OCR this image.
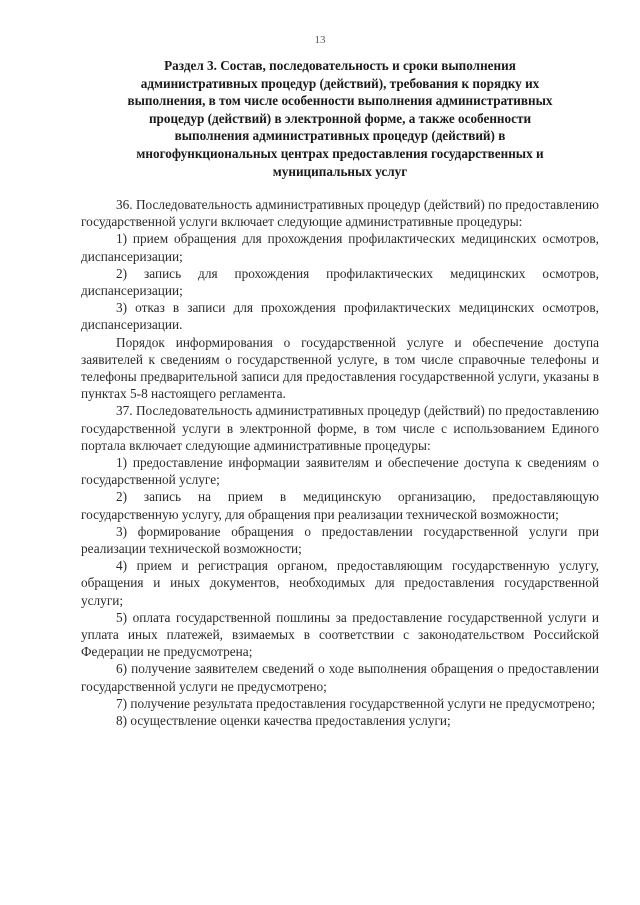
13
Раздел 3. Состав, последовательность и сроки выполнения
административных процедур (действий), требования к порядку их
выполнения, в том числе особенности выполнения административных
процедур (действий) в электронной форме, а также особенности
выполнения административных процедур (действий) в
многофункциональных центрах предоставления государственных и
муниципальных услуг

36. Последовательность административных процедур (действий) по предоставлению государственной услуги включает следующие административные процедуры:

1) прием обращения для прохождения профилактических медицинских осмотров, диспансеризации;

2) запись для прохождения профилактических медицинских осмотров, диспансеризации;

3) отказ в записи для прохождения профилактических медицинских осмотров, диспансеризации.

Порядок информирования о государственной услуге и обеспечение доступа заявителей к сведениям о государственной услуге, в том числе справочные телефоны и телефоны предварительной записи для предоставления государственной услуги, указаны в пунктах 5-8 настоящего регламента.

37. Последовательность административных процедур (действий) по предоставлению государственной услуги в электронной форме, в том числе с использованием Единого портала включает следующие административные процедуры:

1) предоставление информации заявителям и обеспечение доступа к сведениям о государственной услуге;

2) запись на прием в медицинскую организацию, предоставляющую государственную услугу, для обращения при реализации технической возможности;

3) формирование обращения о предоставлении государственной услуги при реализации технической возможности;

4) прием и регистрация органом, предоставляющим государственную услугу, обращения и иных документов, необходимых для предоставления государственной услуги;

5) оплата государственной пошлины за предоставление государственной услуги и уплата иных платежей, взимаемых в соответствии с законодательством Российской Федерации не предусмотрена;

6) получение заявителем сведений о ходе выполнения обращения о предоставлении государственной услуги не предусмотрено;

7) получение результата предоставления государственной услуги не предусмотрено;

8) осуществление оценки качества предоставления услуги;
